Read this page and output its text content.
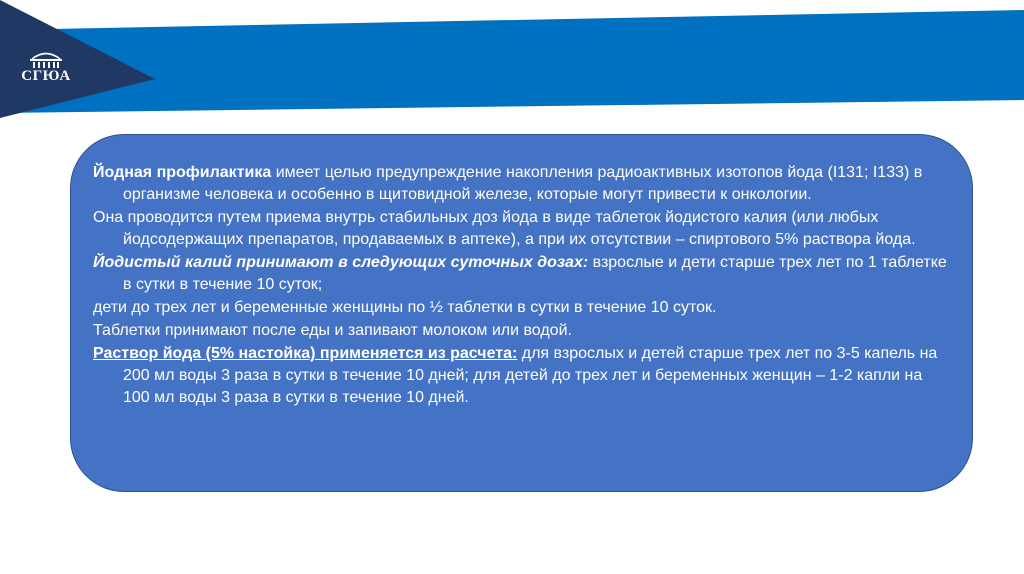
СГЮА
Йодная профилактика имеет целью предупреждение накопления радиоактивных изотопов йода (I131; I133) в организме человека и особенно в щитовидной железе, которые могут привести к онкологии.
Она проводится путем приема внутрь стабильных доз йода в виде таблеток йодистого калия (или любых йодсодержащих препаратов, продаваемых в аптеке), а при их отсутствии – спиртового 5% раствора йода.
Йодистый калий принимают в следующих суточных дозах: взрослые и дети старше трех лет по 1 таблетке в сутки в течение 10 суток;
дети до трех лет и беременные женщины по ½ таблетки в сутки в течение 10 суток.
Таблетки принимают после еды и запивают молоком или водой.
Раствор йода (5% настойка) применяется из расчета: для взрослых и детей старше трех лет по 3-5 капель на 200 мл воды 3 раза в сутки в течение 10 дней; для детей до трех лет и беременных женщин – 1-2 капли на 100 мл воды 3 раза в сутки в течение 10 дней.
